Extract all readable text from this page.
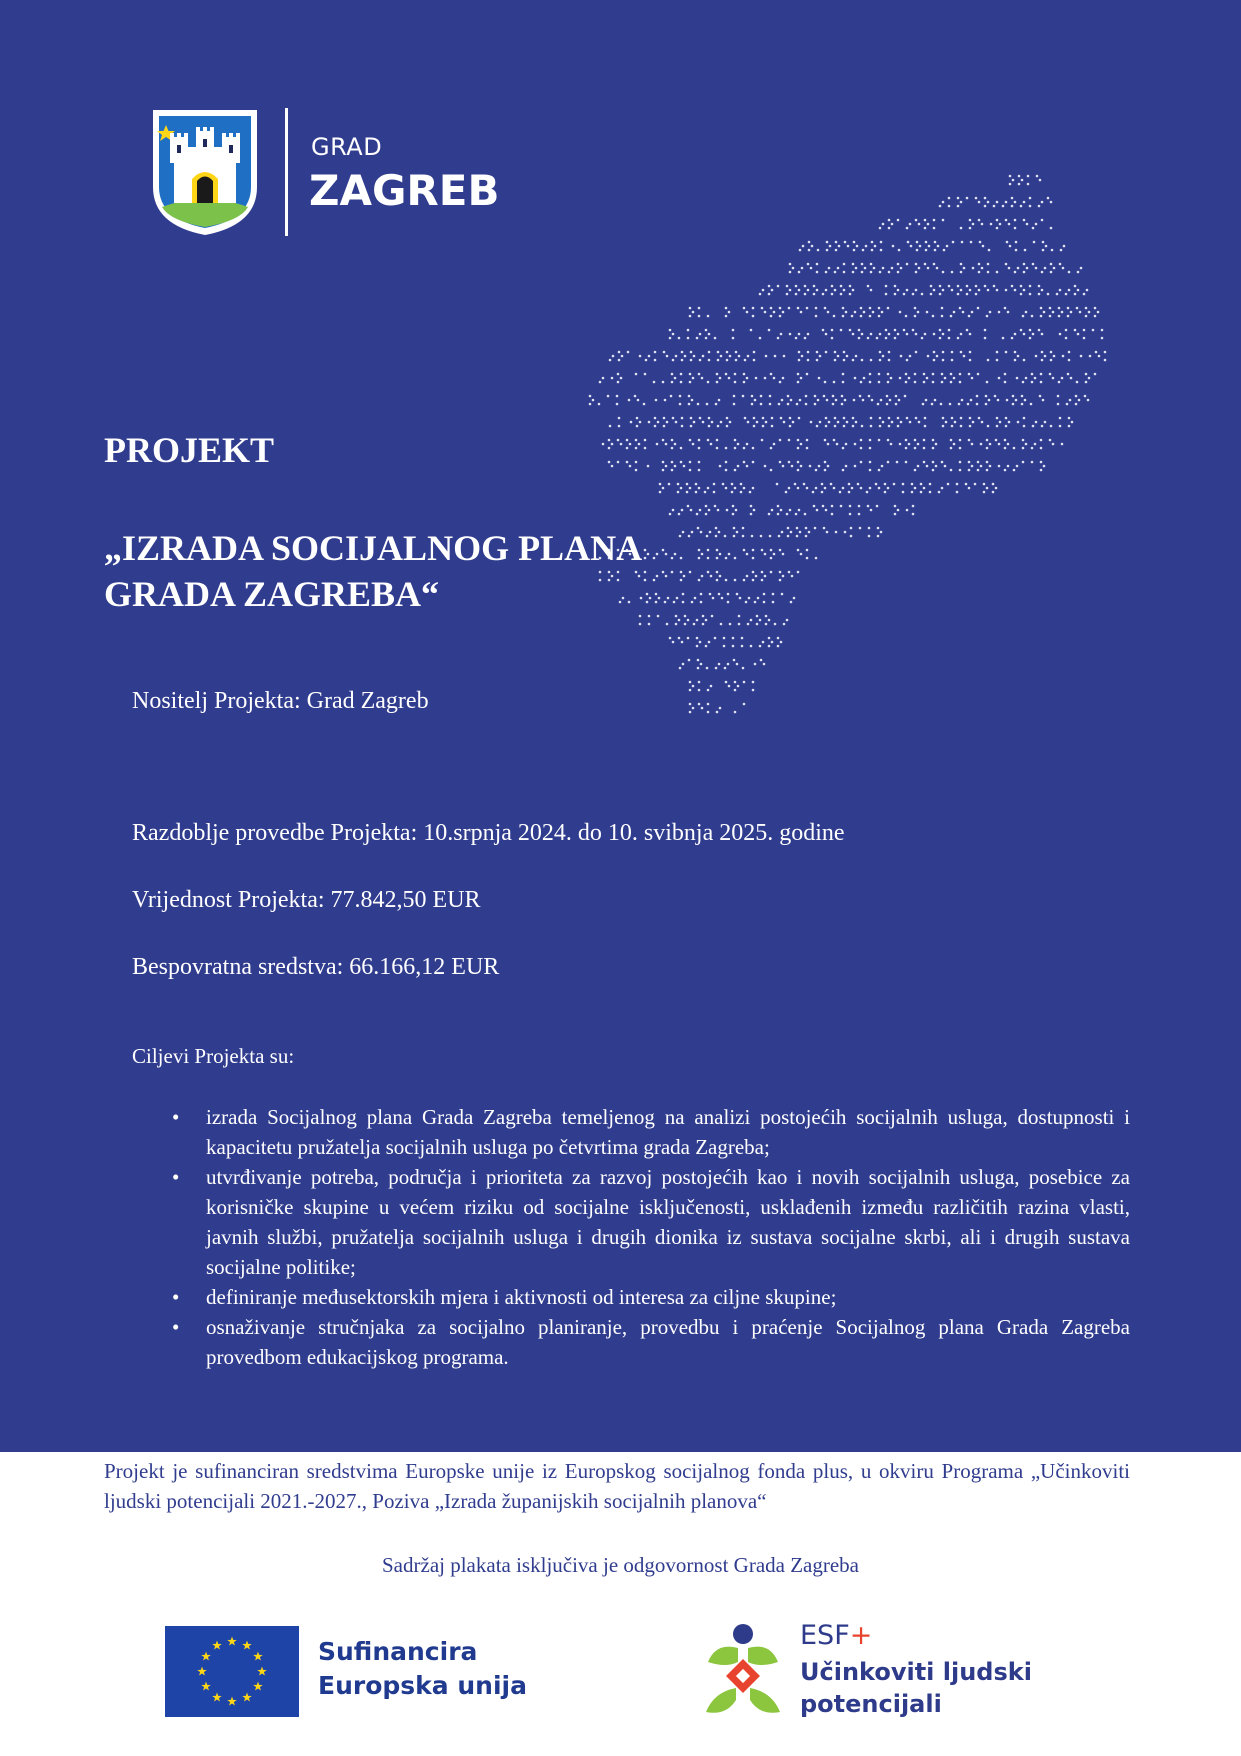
GRAD
ZAGREB
PROJEKT
„IZRADA SOCIJALNOG PLANA
GRADA ZAGREBA“
Nositelj Projekta: Grad Zagreb
Razdoblje provedbe Projekta: 10.srpnja 2024. do 10. svibnja 2025. godine
Vrijednost Projekta: 77.842,50 EUR
Bespovratna sredstva: 66.166,12 EUR
Ciljevi Projekta su:
• izrada Socijalnog plana Grada Zagreba temeljenog na analizi postojećih socijalnih usluga, dostupnosti i kapacitetu pružatelja socijalnih usluga po četvrtima grada Zagreba;
• utvrđivanje potreba, područja i prioriteta za razvoj postojećih kao i novih socijalnih usluga, posebice za korisničke skupine u većem riziku od socijalne isključenosti, usklađenih između različitih razina vlasti, javnih službi, pružatelja socijalnih usluga i drugih dionika iz sustava socijalne skrbi, ali i drugih sustava socijalne politike;
• definiranje međusektorskih mjera i aktivnosti od interesa za ciljne skupine;
• osnaživanje stručnjaka za socijalno planiranje, provedbu i praćenje Socijalnog plana Grada Zagreba provedbom edukacijskog programa.

Projekt je sufinanciran sredstvima Europske unije iz Europskog socijalnog fonda plus, u okviru Programa „Učinkoviti ljudski potencijali 2021.-2027., Poziva „Izrada županijskih socijalnih planova“

Sadržaj plakata isključiva je odgovornost Grada Zagreba
Sufinancira
Europska unija
ESF+
Učinkoviti ljudski
potencijali
